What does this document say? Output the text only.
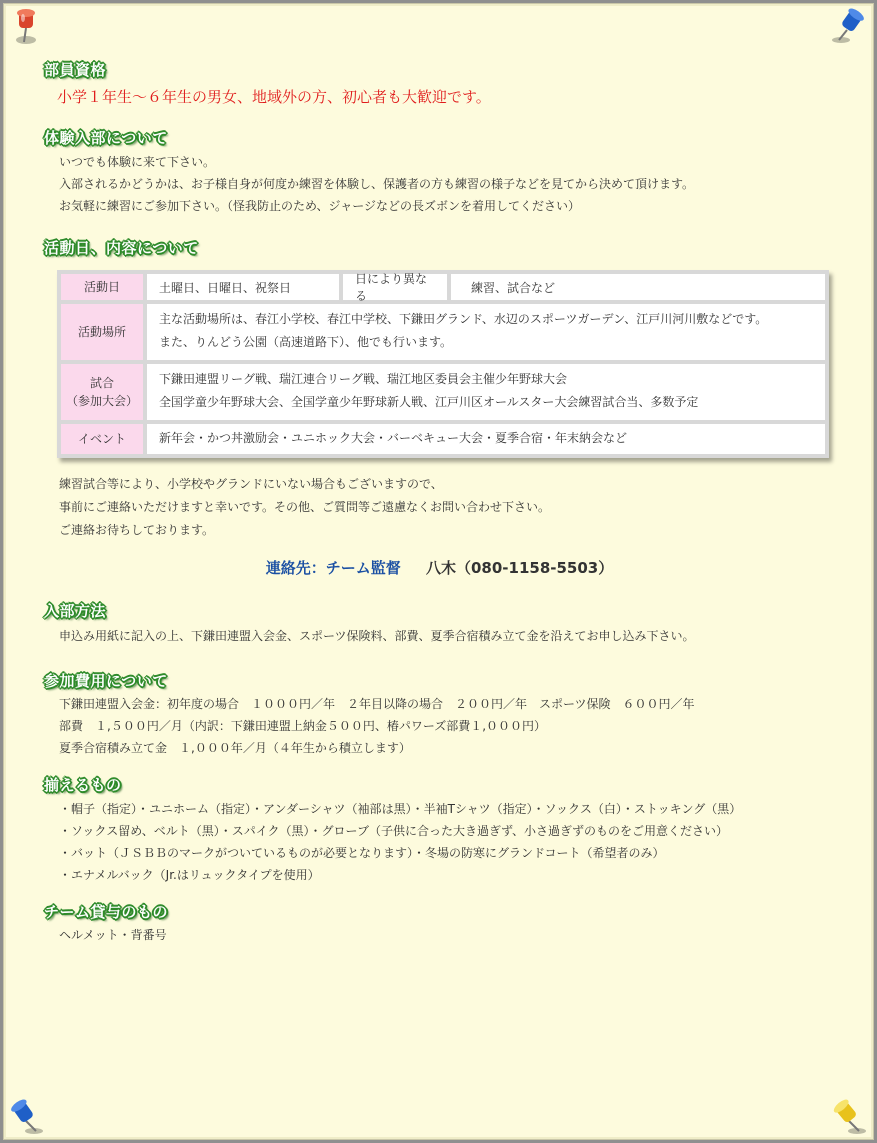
部員資格
小学１年生〜６年生の男女、地域外の方、初心者も大歓迎です。
体験入部について
いつでも体験に来て下さい。
入部されるかどうかは、お子様自身が何度か練習を体験し、保護者の方も練習の様子などを見てから決めて頂けます。
お気軽に練習にご参加下さい。（怪我防止のため、ジャージなどの長ズボンを着用してください）
活動日、内容について
活動日	土曜日、日曜日、祝祭日
日により異なる
練習、試合など
活動場所
主な活動場所は、春江小学校、春江中学校、下鎌田グランド、水辺のスポーツガーデン、江戸川河川敷などです。
また、りんどう公園（高速道路下）、他でも行います。
試合
（参加大会）
下鎌田連盟リーグ戦、瑞江連合リーグ戦、瑞江地区委員会主催少年野球大会
全国学童少年野球大会、全国学童少年野球新人戦、江戸川区オールスター大会練習試合当、多数予定
イベント	新年会・かつ丼激励会・ユニホック大会・バーベキュー大会・夏季合宿・年末納会など
練習試合等により、小学校やグランドにいない場合もございますので、
事前にご連絡いただけますと幸いです。その他、ご質問等ご遠慮なくお問い合わせ下さい。
ご連絡お待ちしております。
連絡先：チーム監督 八木（080-1158-5503）
入部方法
申込み用紙に記入の上、下鎌田連盟入会金、スポーツ保険料、部費、夏季合宿積み立て金を沿えてお申し込み下さい。
参加費用について
下鎌田連盟入会金：初年度の場合　１０００円／年　２年目以降の場合　２００円／年　スポーツ保険　６００円／年
部費　１,５００円／月（内訳：下鎌田連盟上納金５００円、椿パワーズ部費１,０００円）
夏季合宿積み立て金　１,０００年／月（４年生から積立します）
揃えるもの
・帽子（指定）・ユニホーム（指定）・アンダーシャツ（袖部は黒）・半袖Tシャツ（指定）・ソックス（白）・ストッキング（黒）
・ソックス留め、ベルト（黒）・スパイク（黒）・グローブ（子供に合った大き過ぎず、小さ過ぎずのものをご用意ください）
・バット（ＪＳＢＢのマークがついているものが必要となります）・冬場の防寒にグランドコート（希望者のみ）
・エナメルバック（Jr.はリュックタイプを使用）
チーム貸与のもの
ヘルメット・背番号
